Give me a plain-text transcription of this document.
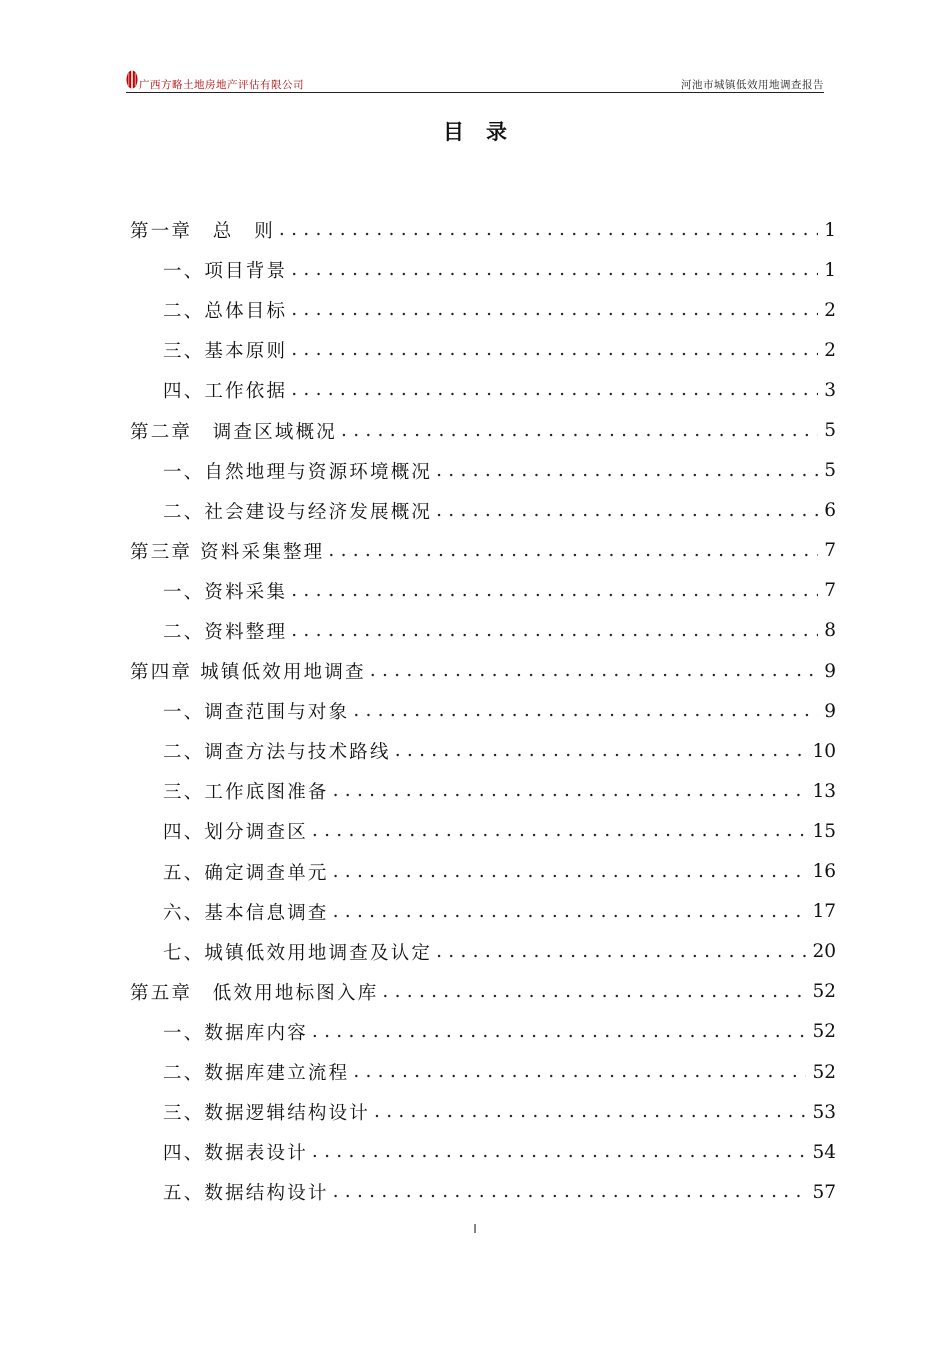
广西方略土地房地产评估有限公司	河池市城镇低效用地调查报告
目录
第一章　总　则 .....	1
一、项目背景 .....	1
二、总体目标 .....	2
三、基本原则 .....	2
四、工作依据 .....	3
第二章　调查区域概况 .....	5
一、自然地理与资源环境概况 .....	5
二、社会建设与经济发展概况 .....	6
第三章 资料采集整理 .....	7
一、资料采集 .....	7
二、资料整理 .....	8
第四章 城镇低效用地调查 .....	9
一、调查范围与对象 .....	9
二、调查方法与技术路线 .....	10
三、工作底图准备 .....	13
四、划分调查区 .....	15
五、确定调查单元 .....	16
六、基本信息调查 .....	17
七、城镇低效用地调查及认定 .....	20
第五章　低效用地标图入库 .....	52
一、数据库内容 .....	52
二、数据库建立流程 .....	52
三、数据逻辑结构设计 .....	53
四、数据表设计 .....	54
五、数据结构设计 .....	57
I
